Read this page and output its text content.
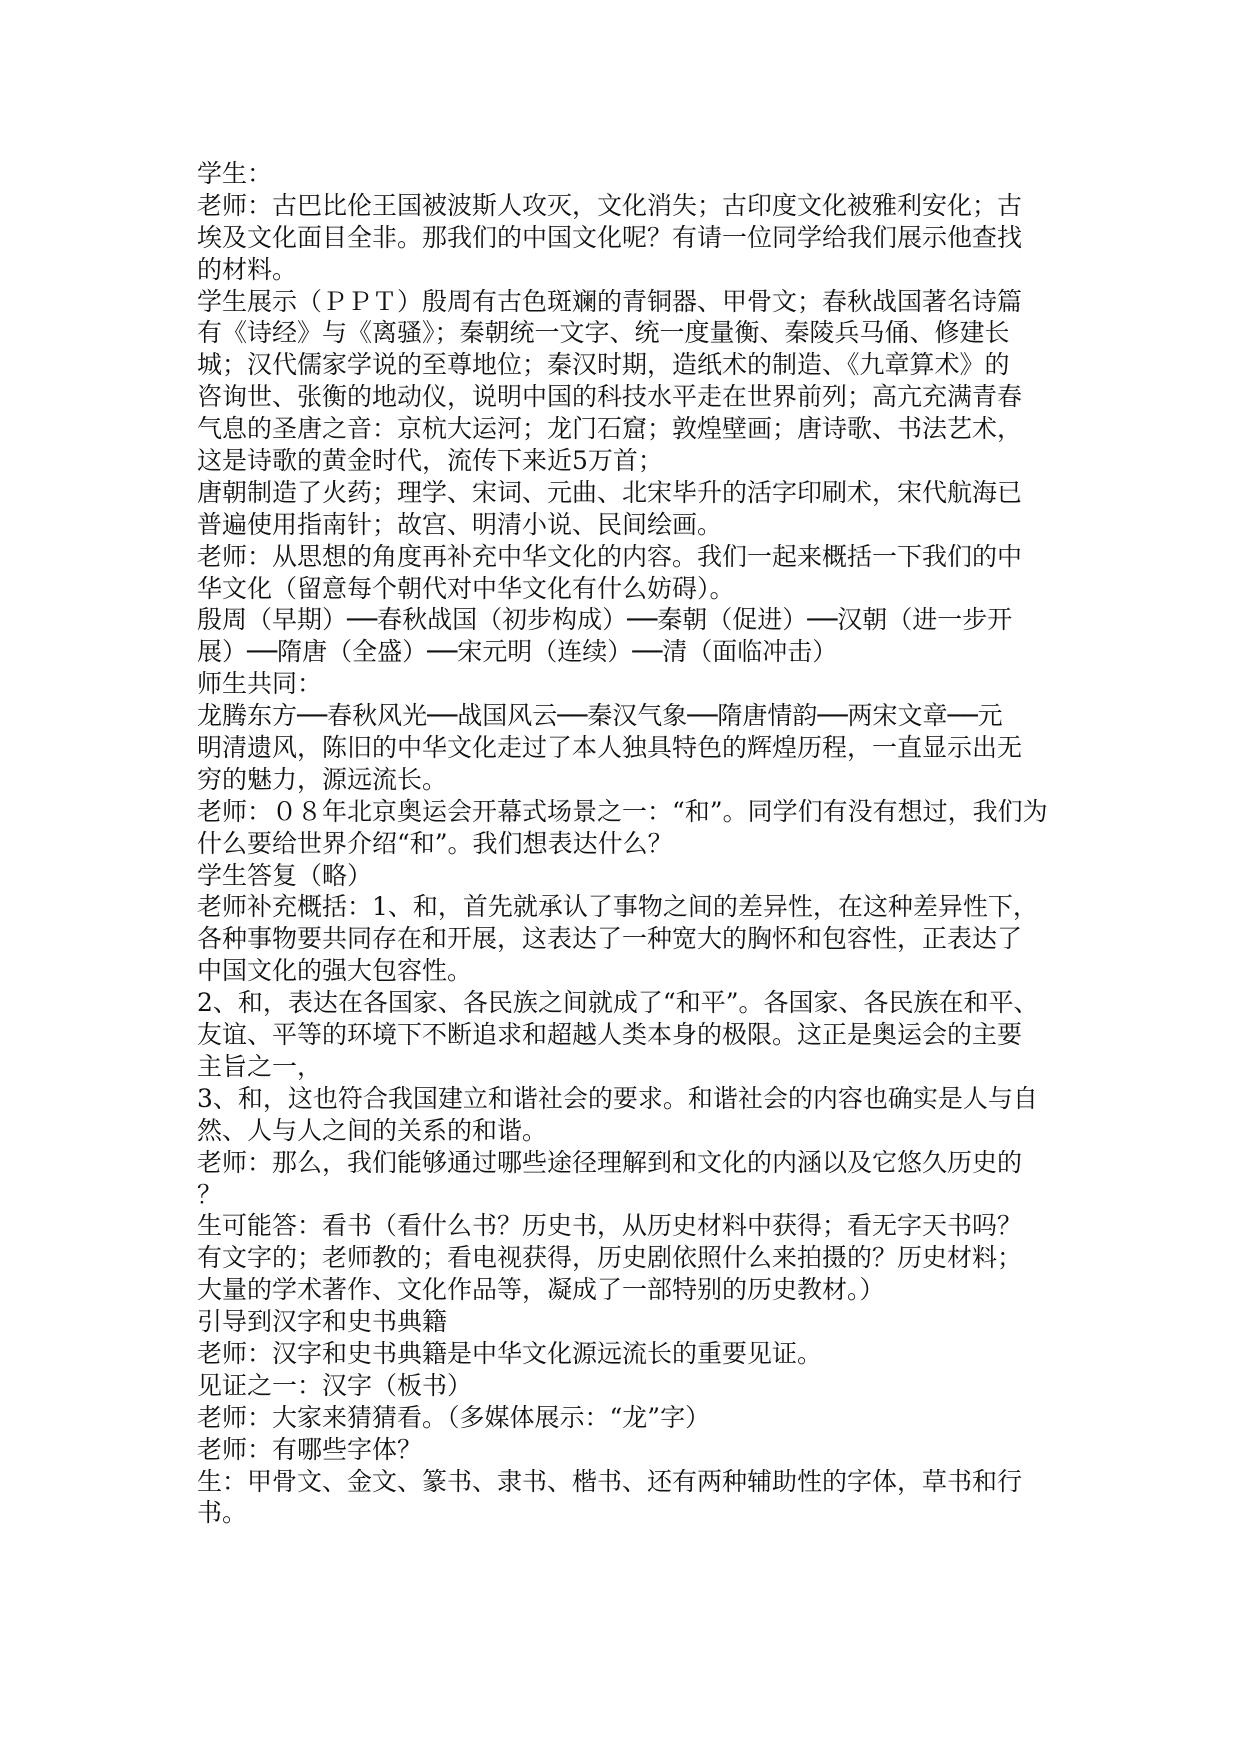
学生：
老师：古巴比伦王国被波斯人攻灭，文化消失；古印度文化被雅利安化；古
埃及文化面目全非。那我们的中国文化呢？有请一位同学给我们展示他查找
的材料。
学生展示（ＰＰＴ）殷周有古色斑斓的青铜器、甲骨文；春秋战国著名诗篇
有《诗经》与《离骚》；秦朝统一文字、统一度量衡、秦陵兵马俑、修建长
城；汉代儒家学说的至尊地位；秦汉时期，造纸术的制造、《九章算术》的
咨询世、张衡的地动仪，说明中国的科技水平走在世界前列；高亢充满青春
气息的圣唐之音：京杭大运河；龙门石窟；敦煌壁画；唐诗歌、书法艺术，
这是诗歌的黄金时代，流传下来近5万首；
唐朝制造了火药；理学、宋词、元曲、北宋毕升的活字印刷术，宋代航海已
普遍使用指南针；故宫、明清小说、民间绘画。
老师：从思想的角度再补充中华文化的内容。我们一起来概括一下我们的中
华文化（留意每个朝代对中华文化有什么妨碍）。
殷周（早期）──春秋战国（初步构成）──秦朝（促进）──汉朝（进一步开
展）──隋唐（全盛）──宋元明（连续）──清（面临冲击）
师生共同：
龙腾东方──春秋风光──战国风云──秦汉气象──隋唐情韵──两宋文章──元
明清遗风，陈旧的中华文化走过了本人独具特色的辉煌历程，一直显示出无
穷的魅力，源远流长。
老师：０８年北京奥运会开幕式场景之一：“和”。同学们有没有想过，我们为
什么要给世界介绍“和”。我们想表达什么？
学生答复（略）
老师补充概括：1、和，首先就承认了事物之间的差异性，在这种差异性下，
各种事物要共同存在和开展，这表达了一种宽大的胸怀和包容性，正表达了
中国文化的强大包容性。
2、和，表达在各国家、各民族之间就成了“和平”。各国家、各民族在和平、
友谊、平等的环境下不断追求和超越人类本身的极限。这正是奥运会的主要
主旨之一，
3、和，这也符合我国建立和谐社会的要求。和谐社会的内容也确实是人与自
然、人与人之间的关系的和谐。
老师：那么，我们能够通过哪些途径理解到和文化的内涵以及它悠久历史的
？
生可能答：看书（看什么书？历史书，从历史材料中获得；看无字天书吗？
有文字的；老师教的；看电视获得，历史剧依照什么来拍摄的？历史材料；
大量的学术著作、文化作品等，凝成了一部特别的历史教材。）
引导到汉字和史书典籍
老师：汉字和史书典籍是中华文化源远流长的重要见证。
见证之一：汉字（板书）
老师：大家来猜猜看。（多媒体展示：“龙”字）
老师：有哪些字体？
生：甲骨文、金文、篆书、隶书、楷书、还有两种辅助性的字体，草书和行
书。
